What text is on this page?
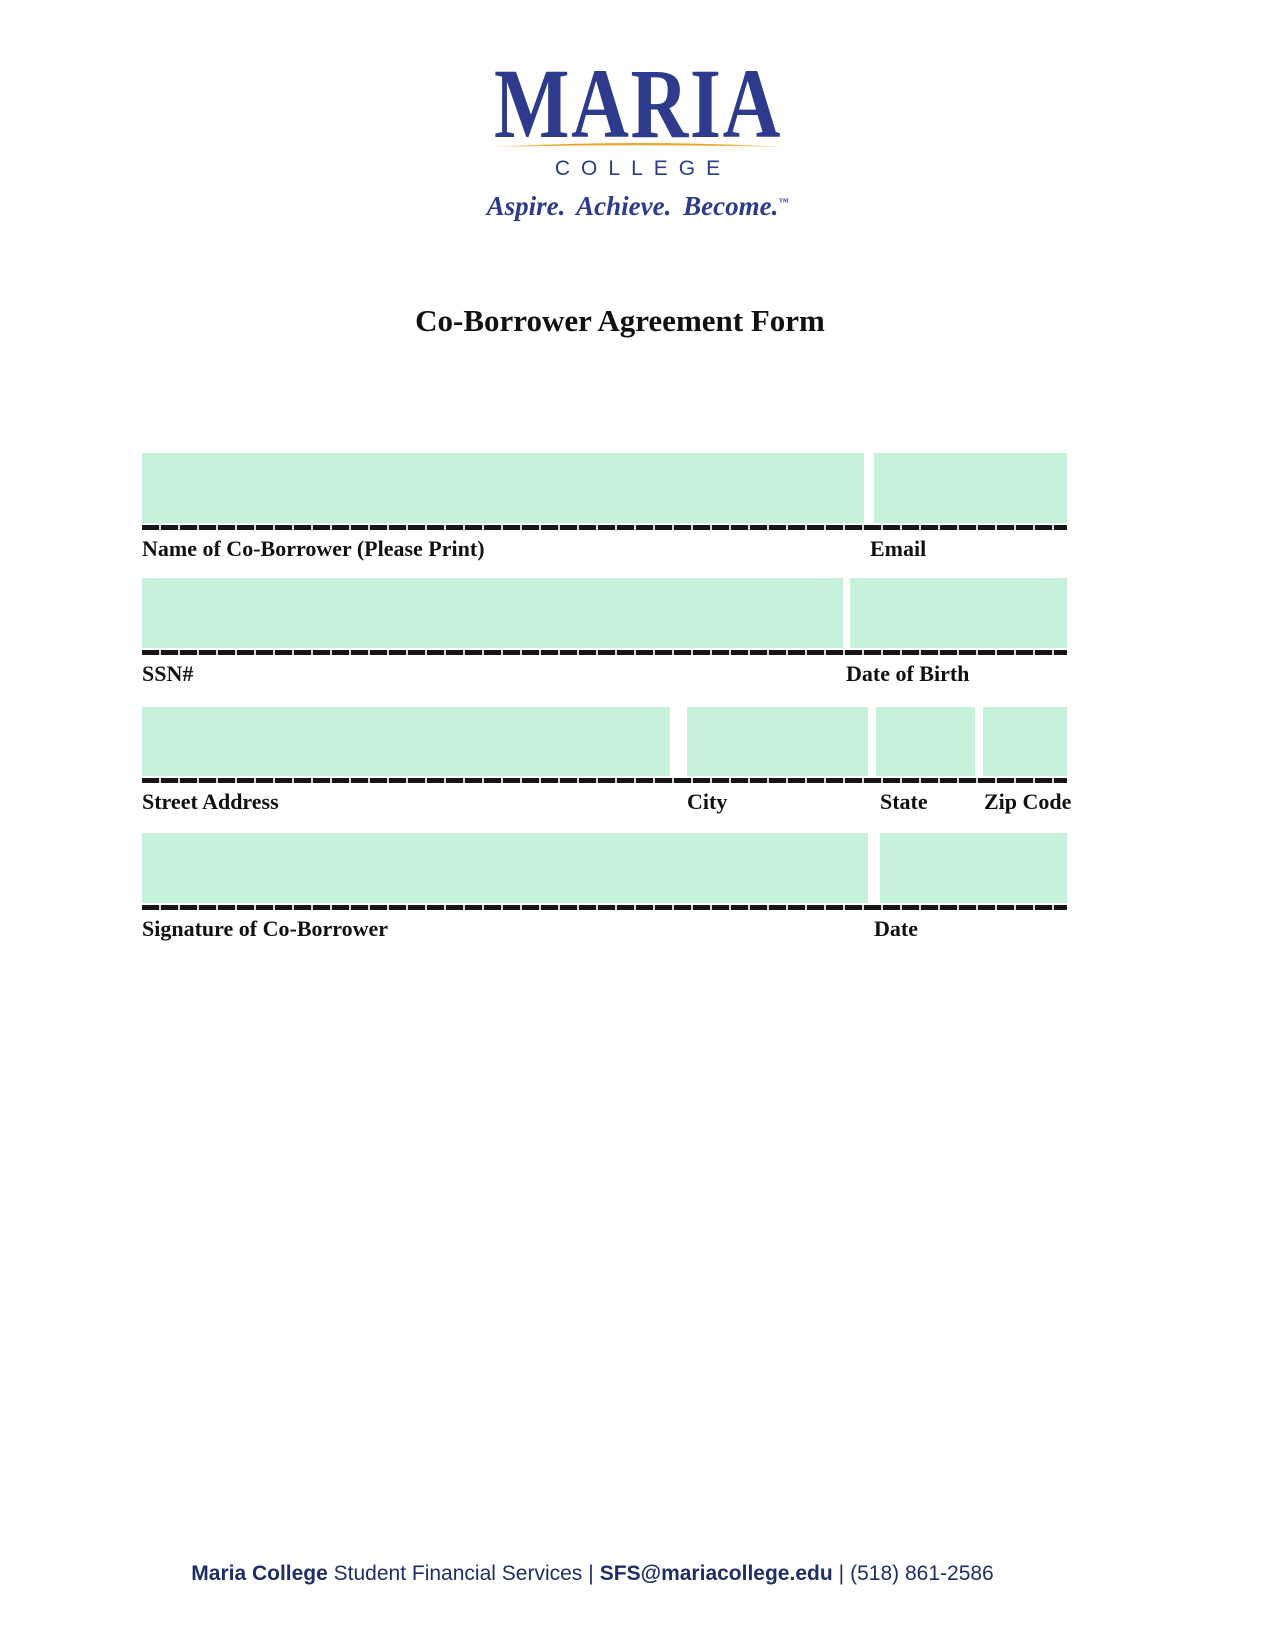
MARIA
COLLEGE
Aspire. Achieve. Become.™
Co-Borrower Agreement Form
Name of Co-Borrower (Please Print)	Email
SSN#	Date of Birth
Street Address	City	State	Zip Code
Signature of Co-Borrower	Date
Maria College Student Financial Services | SFS@mariacollege.edu | (518) 861-2586
